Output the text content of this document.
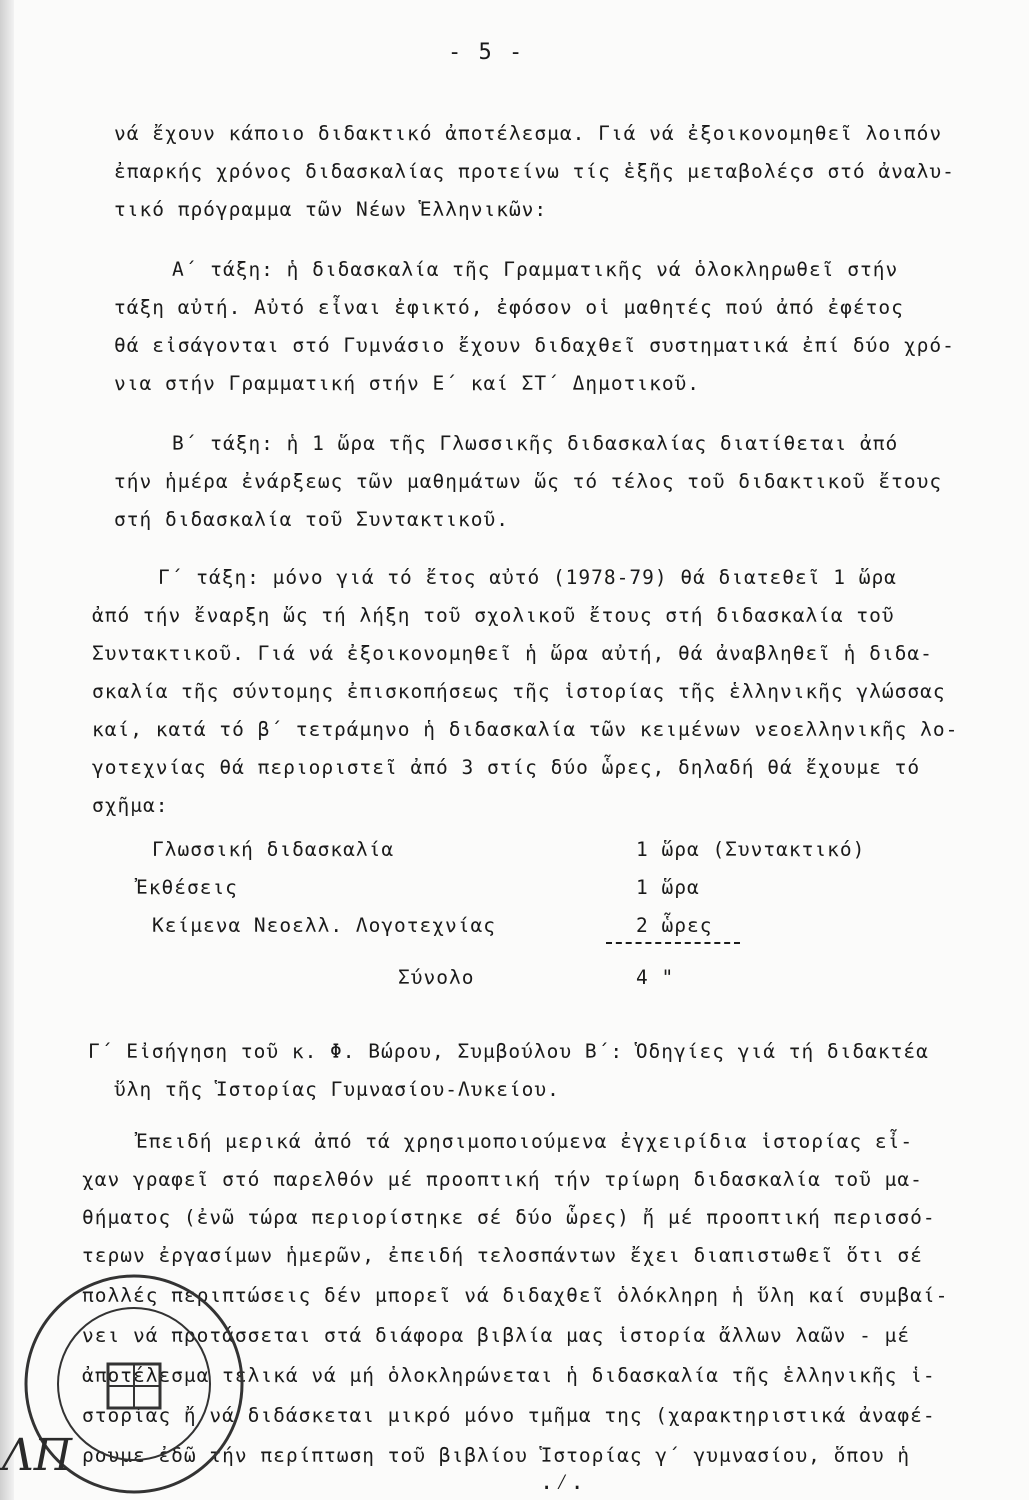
- 5 -
νά ἔχουν κάποιο διδακτικό ἀποτέλεσμα. Γιά νά ἐξοικονομηθεῖ λοιπόν
ἐπαρκής χρόνος διδασκαλίας προτείνω τίς ἑξῆς μεταβολέςσ στό ἀναλυ-
τικό πρόγραμμα τῶν Νέων Ἑλληνικῶν:
Α΄ τάξη: ἡ διδασκαλία τῆς Γραμματικῆς νά ὁλοκληρωθεῖ στήν
τάξη αὐτή. Αὐτό εἶναι ἐφικτό, ἐφόσον οἱ μαθητές πού ἀπό ἐφέτος
θά εἰσάγονται στό Γυμνάσιο ἔχουν διδαχθεῖ συστηματικά ἐπί δύο χρό-
νια στήν Γραμματική στήν Ε΄ καί ΣΤ΄ Δημοτικοῦ.
Β΄ τάξη: ἡ 1 ὥρα τῆς Γλωσσικῆς διδασκαλίας διατίθεται ἀπό
τήν ἡμέρα ἐνάρξεως τῶν μαθημάτων ὥς τό τέλος τοῦ διδακτικοῦ ἔτους
στή διδασκαλία τοῦ Συντακτικοῦ.
Γ΄ τάξη: μόνο γιά τό ἔτος αὐτό (1978-79) θά διατεθεῖ 1 ὥρα
ἀπό τήν ἔναρξη ὥς τή λήξη τοῦ σχολικοῦ ἔτους στή διδασκαλία τοῦ
Συντακτικοῦ. Γιά νά ἐξοικονομηθεῖ ἡ ὥρα αὐτή, θά ἀναβληθεῖ ἡ διδα-
σκαλία τῆς σύντομης ἐπισκοπήσεως τῆς ἱστορίας τῆς ἑλληνικῆς γλώσσας
καί, κατά τό β΄ τετράμηνο ἡ διδασκαλία τῶν κειμένων νεοελληνικῆς λο-
γοτεχνίας θά περιοριστεῖ ἀπό 3 στίς δύο ὧρες, δηλαδή θά ἔχουμε τό
σχῆμα:
Γλωσσική διδασκαλία	1 ὥρα (Συντακτικό)
Ἐκθέσεις	1 ὥρα
Κείμενα Νεοελλ. Λογοτεχνίας	2 ὧρες
Σύνολο	4 "
Γ΄ Εἰσήγηση τοῦ κ. Φ. Βώρου, Συμβούλου Β΄: Ὁδηγίες γιά τή διδακτέα
ὕλη τῆς Ἱστορίας Γυμνασίου-Λυκείου.
Ἐπειδή μερικά ἀπό τά χρησιμοποιούμενα ἐγχειρίδια ἱστορίας εἶ-
χαν γραφεῖ στό παρελθόν μέ προοπτική τήν τρίωρη διδασκαλία τοῦ μα-
θήματος (ἐνῶ τώρα περιορίστηκε σέ δύο ὧρες) ἤ μέ προοπτική περισσό-
τερων ἐργασίμων ἡμερῶν, ἐπειδή τελοσπάντων ἔχει διαπιστωθεῖ ὅτι σέ
πολλές περιπτώσεις δέν μπορεῖ νά διδαχθεῖ ὁλόκληρη ἡ ὕλη καί συμβαί-
νει νά προτάσσεται στά διάφορα βιβλία μας ἱστορία ἄλλων λαῶν - μέ
ἀποτέλεσμα τελικά νά μή ὁλοκληρώνεται ἡ διδασκαλία τῆς ἑλληνικῆς ἱ-
στορίας ἤ νά διδάσκεται μικρό μόνο τμῆμα της (χαρακτηριστικά ἀναφέ-
ρουμε ἐδῶ τήν περίπτωση τοῦ βιβλίου Ἱστορίας γ΄ γυμνασίου, ὅπου ἡ
ΛΠ
.⁄.
